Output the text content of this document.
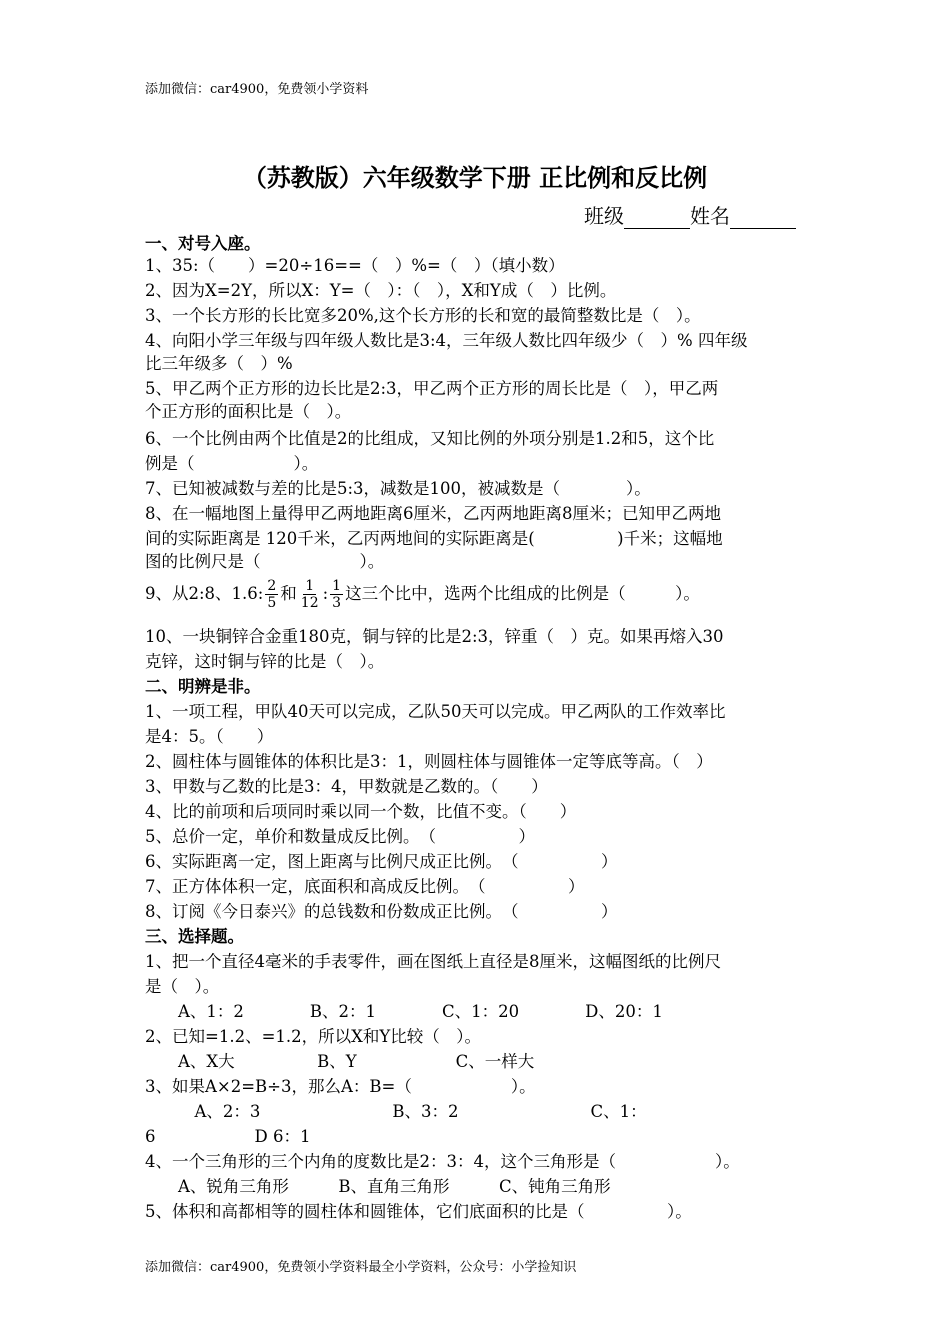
添加微信：car4900，免费领小学资料
（苏教版）六年级数学下册 正比例和反比例
班级	姓名
一、对号入座。
1、35:（　　）=20÷16==（　）%=（　）（填小数）
2、因为X=2Y，所以X：Y=（　）：（　），X和Y成（　）比例。
3、一个长方形的长比宽多20%,这个长方形的长和宽的最简整数比是（　）。
4、向阳小学三年级与四年级人数比是3:4，三年级人数比四年级少（　）% 四年级
比三年级多（　）%
5、甲乙两个正方形的边长比是2:3，甲乙两个正方形的周长比是（　），甲乙两
个正方形的面积比是（　）。
6、一个比例由两个比值是2的比组成，又知比例的外项分别是1.2和5，这个比
例是（　　　　　　）。
7、已知被减数与差的比是5:3，减数是100，被减数是（　　　　）。
8、在一幅地图上量得甲乙两地距离6厘米，乙丙两地距离8厘米；已知甲乙两地
间的实际距离是 120千米，乙丙两地间的实际距离是(　　　　　)千米；这幅地
图的比例尺是（　　　　　　）。
10、一块铜锌合金重180克，铜与锌的比是2:3，锌重（　）克。如果再熔入30
克锌，这时铜与锌的比是（　）。
二、明辨是非。
1、一项工程，甲队40天可以完成，乙队50天可以完成。甲乙两队的工作效率比
是4：5。（　　）
2、圆柱体与圆锥体的体积比是3：1，则圆柱体与圆锥体一定等底等高。（　）
3、甲数与乙数的比是3：4，甲数就是乙数的。（　　）
4、比的前项和后项同时乘以同一个数，比值不变。（　　）
5、总价一定，单价和数量成反比例。　（　　　　　）
6、实际距离一定，图上距离与比例尺成正比例。　（　　　　　）
7、正方体体积一定，底面积和高成反比例。　（　　　　　）
8、订阅《今日泰兴》的总钱数和份数成正比例。　（　　　　　）
三、选择题。
1、把一个直径4毫米的手表零件，画在图纸上直径是8厘米，这幅图纸的比例尺
是（　）。
　　A、1：2　　　　B、2：1　　　　C、1：20　　　　D、20：1
2、已知=1.2、=1.2，所以X和Y比较（　）。
　　A、X大　　　　　B、Y　　　　　　C、一样大
3、如果A×2=B÷3，那么A：B=（　　　　　　）。
　　　A、2：3　　　　　　　　B、3：2　　　　　　　　C、1：
6　　　　　　D 6：1
4、一个三角形的三个内角的度数比是2：3：4，这个三角形是（　　　　　　）。
　　A、锐角三角形　　　B、直角三角形　　　C、钝角三角形
5、体积和高都相等的圆柱体和圆锥体，它们底面积的比是（　　　　　）。
9、从2:8、1.6: $\frac{2}{5}$ 和 $\frac{1}{12}$ : $\frac{1}{3}$ 这三个比中，选两个比组成的比例是（　　　）。
添加微信：car4900，免费领小学资料最全小学资料，公众号：小学捡知识
